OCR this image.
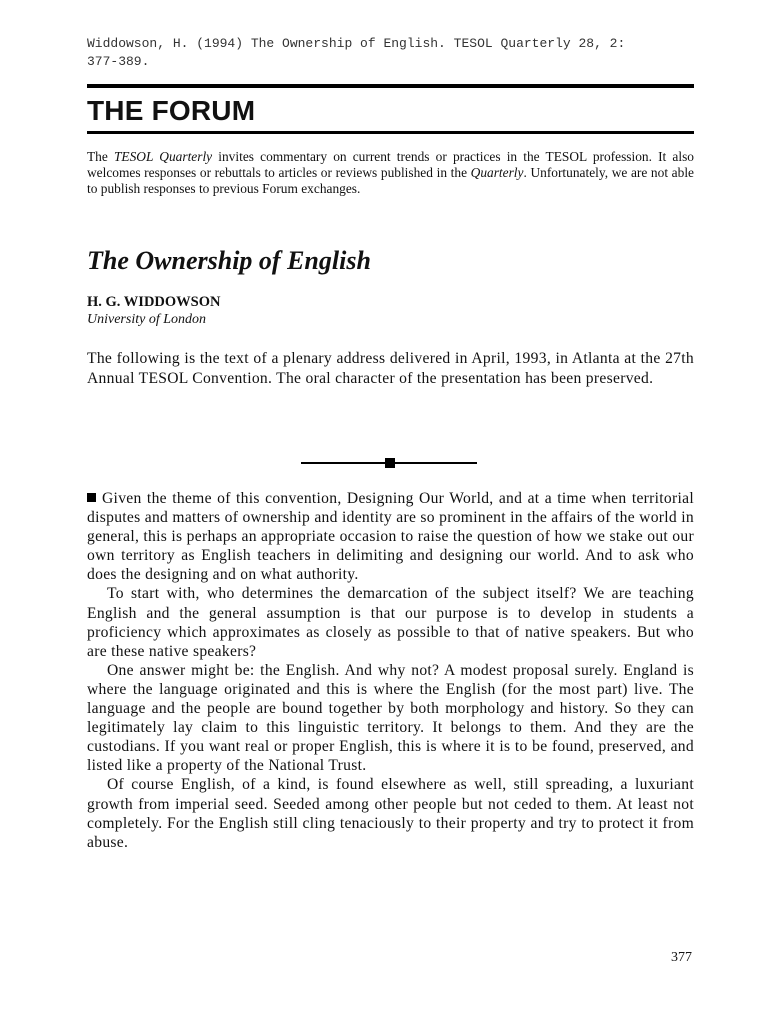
Widdowson, H. (1994) The Ownership of English. TESOL Quarterly 28, 2:
377-389.
THE FORUM

The TESOL Quarterly invites commentary on current trends or practices in the TESOL profession. It also welcomes responses or rebuttals to articles or reviews published in the Quarterly. Unfortunately, we are not able to publish responses to previous Forum exchanges.

The Ownership of English

H. G. WIDDOWSON

University of London

The following is the text of a plenary address delivered in April, 1993, in Atlanta at the 27th Annual TESOL Convention. The oral character of the presentation has been preserved.

Given the theme of this convention, Designing Our World, and at a time when territorial disputes and matters of ownership and identity are so prominent in the affairs of the world in general, this is perhaps an appropriate occasion to raise the question of how we stake out our own territory as English teachers in delimiting and designing our world. And to ask who does the designing and on what authority.

To start with, who determines the demarcation of the subject itself? We are teaching English and the general assumption is that our purpose is to develop in students a proficiency which approximates as closely as possible to that of native speakers. But who are these native speakers?

One answer might be: the English. And why not? A modest proposal surely. England is where the language originated and this is where the English (for the most part) live. The language and the people are bound together by both morphology and history. So they can legitimately lay claim to this linguistic territory. It belongs to them. And they are the custodians. If you want real or proper English, this is where it is to be found, preserved, and listed like a property of the National Trust.

Of course English, of a kind, is found elsewhere as well, still spreading, a luxuriant growth from imperial seed. Seeded among other people but not ceded to them. At least not completely. For the English still cling tenaciously to their property and try to protect it from abuse.

377
